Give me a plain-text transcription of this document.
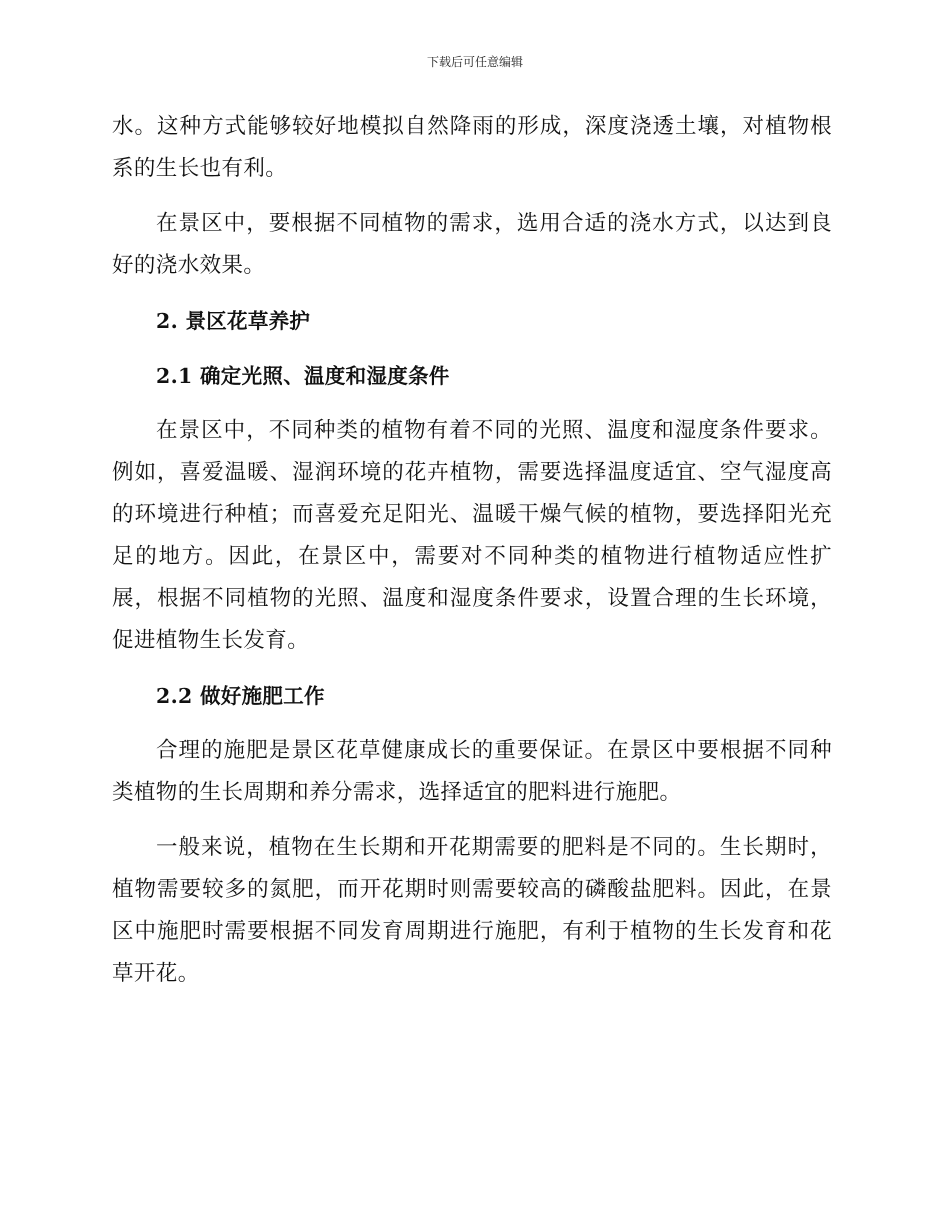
下载后可任意编辑

水。这种方式能够较好地模拟自然降雨的形成，深度浇透土壤，对植物根系的生长也有利。

在景区中，要根据不同植物的需求，选用合适的浇水方式，以达到良好的浇水效果。

2. 景区花草养护

2.1 确定光照、温度和湿度条件

在景区中，不同种类的植物有着不同的光照、温度和湿度条件要求。例如，喜爱温暖、湿润环境的花卉植物，需要选择温度适宜、空气湿度高的环境进行种植；而喜爱充足阳光、温暖干燥气候的植物，要选择阳光充足的地方。因此，在景区中，需要对不同种类的植物进行植物适应性扩展，根据不同植物的光照、温度和湿度条件要求，设置合理的生长环境，促进植物生长发育。

2.2 做好施肥工作

合理的施肥是景区花草健康成长的重要保证。在景区中要根据不同种类植物的生长周期和养分需求，选择适宜的肥料进行施肥。

一般来说，植物在生长期和开花期需要的肥料是不同的。生长期时，植物需要较多的氮肥，而开花期时则需要较高的磷酸盐肥料。因此，在景区中施肥时需要根据不同发育周期进行施肥，有利于植物的生长发育和花草开花。
